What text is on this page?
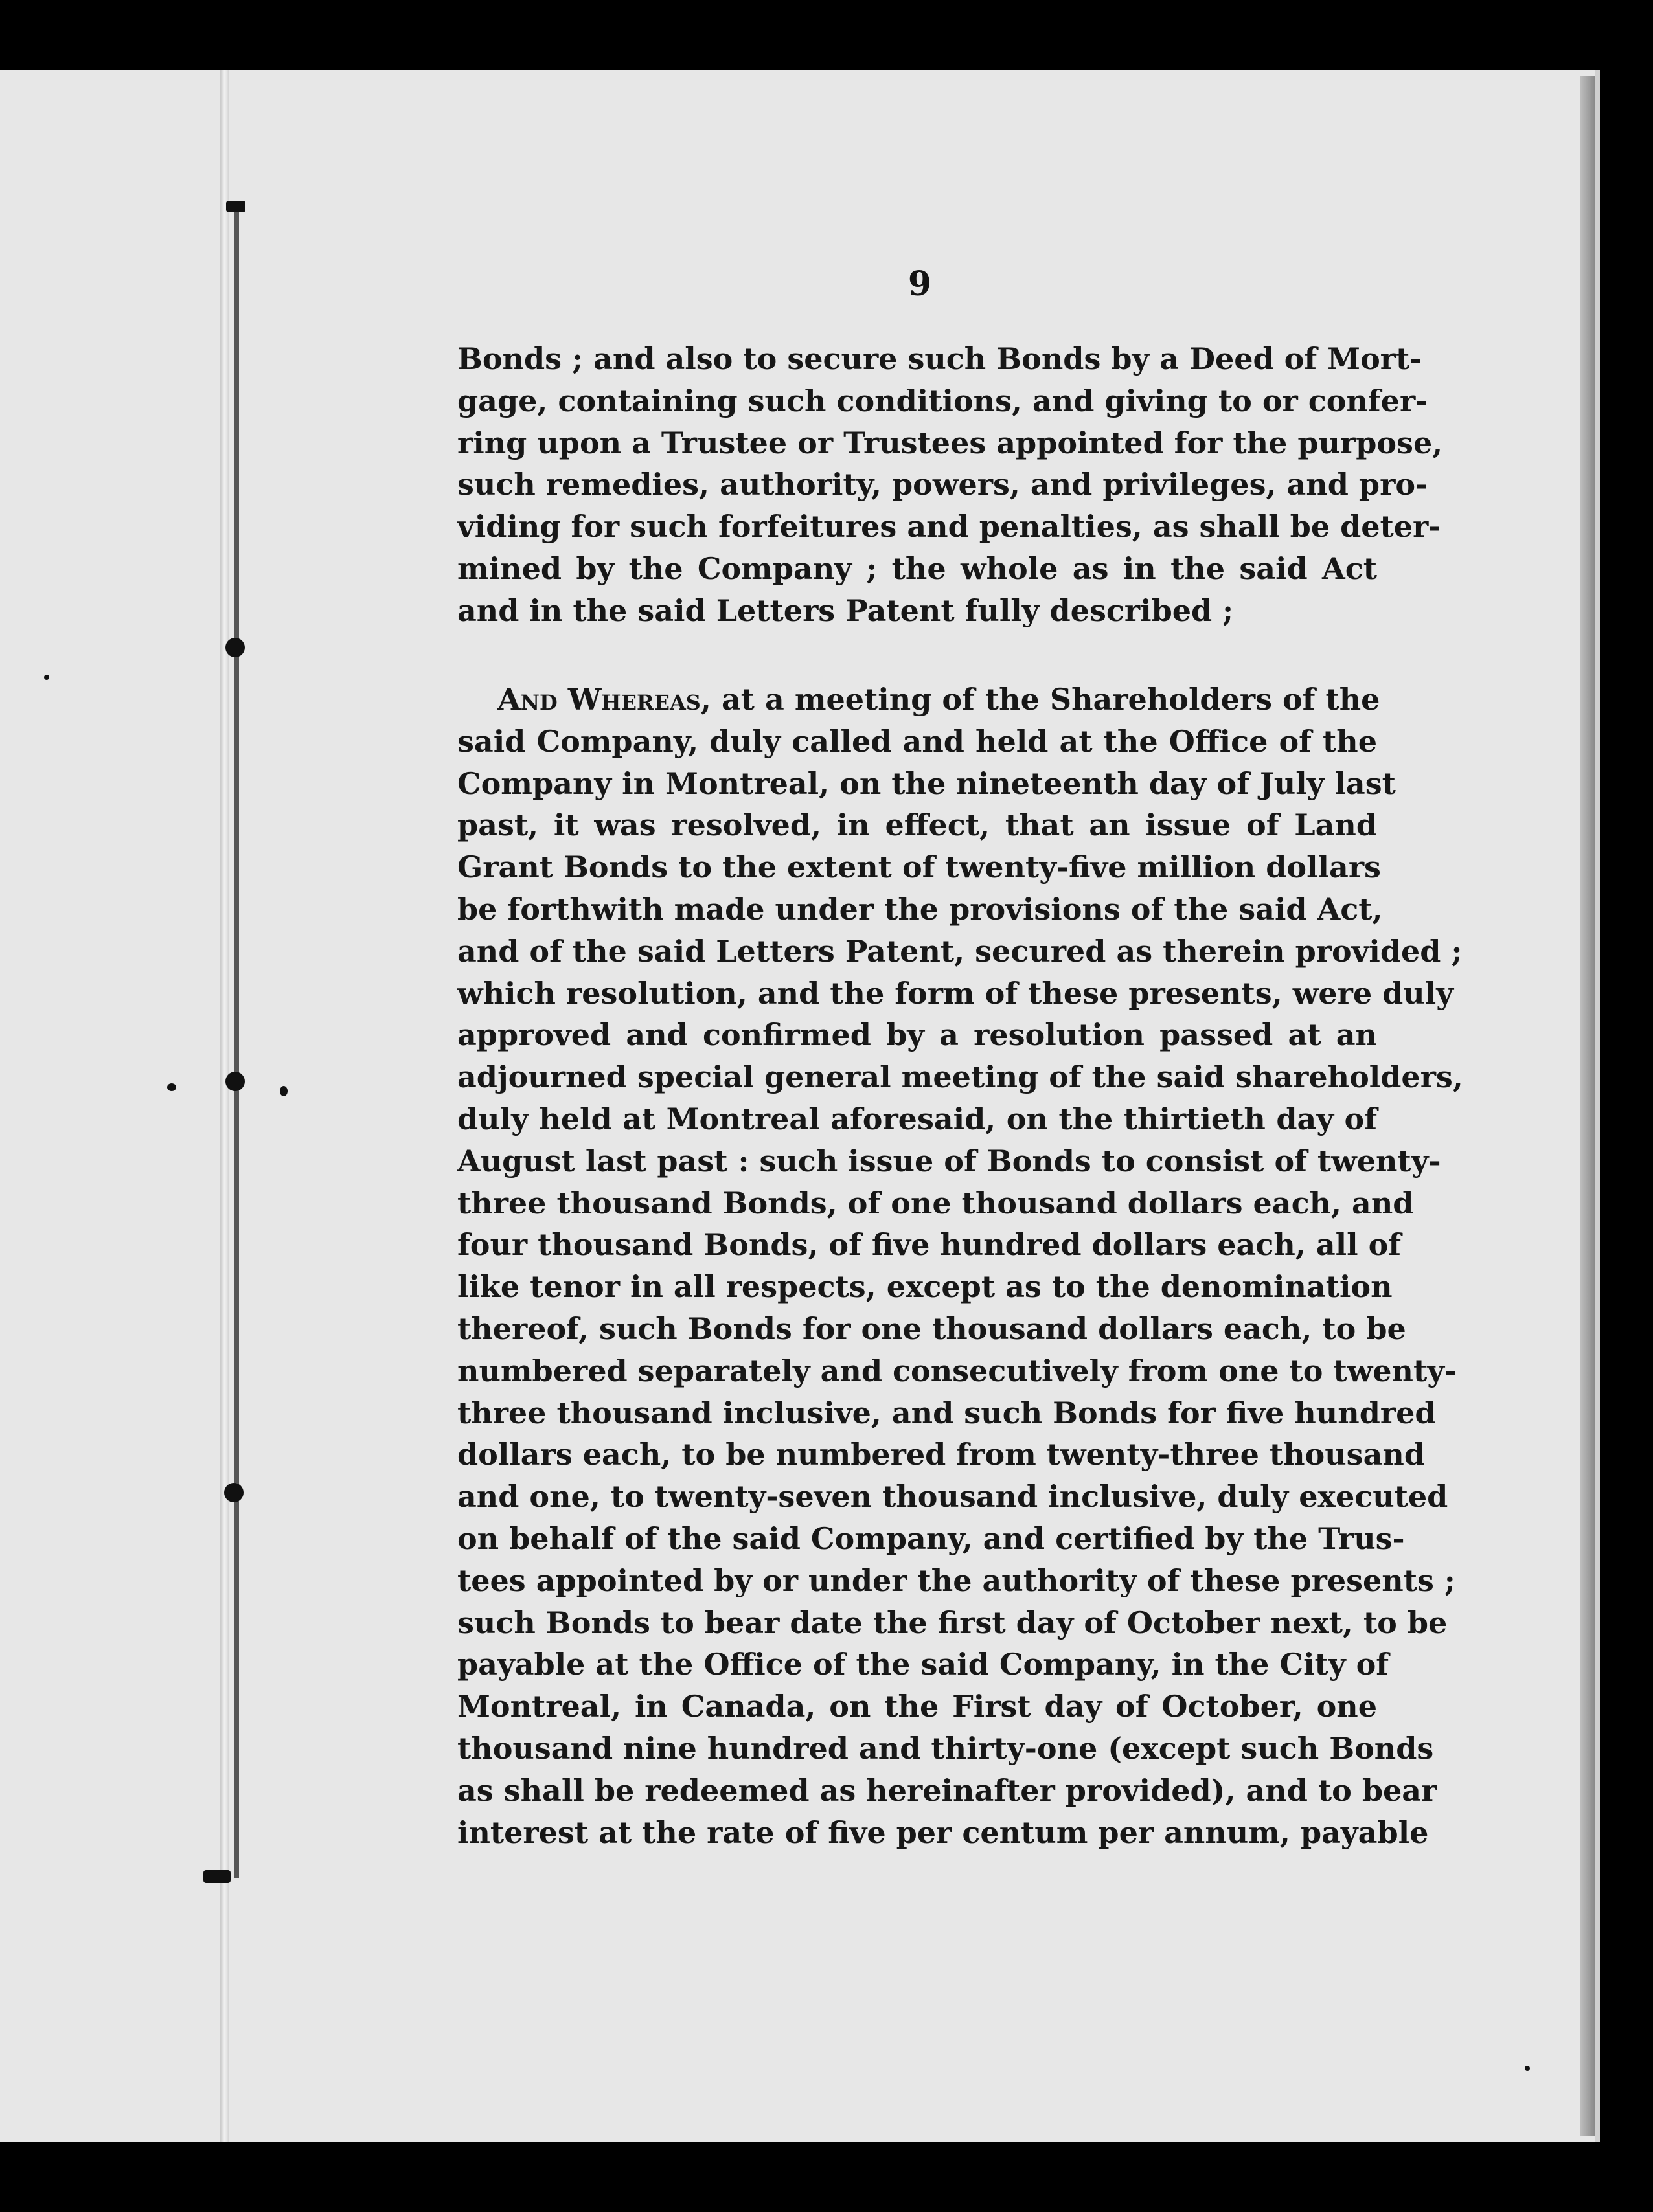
9
Bonds ; and also to secure such Bonds by a Deed of Mort-
gage, containing such conditions, and giving to or confer-
ring upon a Trustee or Trustees appointed for the purpose,
such remedies, authority, powers, and privileges, and pro-
viding for such forfeitures and penalties, as shall be deter-
mined by the Company ; the whole as in the said Act
and in the said Letters Patent fully described ;
And Whereas, at a meeting of the Shareholders of the
said Company, duly called and held at the Office of the
Company in Montreal, on the nineteenth day of July last
past, it was resolved, in effect, that an issue of Land
Grant Bonds to the extent of twenty-five million dollars
be forthwith made under the provisions of the said Act,
and of the said Letters Patent, secured as therein provided ;
which resolution, and the form of these presents, were duly
approved and confirmed by a resolution passed at an
adjourned special general meeting of the said shareholders,
duly held at Montreal aforesaid, on the thirtieth day of
August last past : such issue of Bonds to consist of twenty-
three thousand Bonds, of one thousand dollars each, and
four thousand Bonds, of five hundred dollars each, all of
like tenor in all respects, except as to the denomination
thereof, such Bonds for one thousand dollars each, to be
numbered separately and consecutively from one to twenty-
three thousand inclusive, and such Bonds for five hundred
dollars each, to be numbered from twenty-three thousand
and one, to twenty-seven thousand inclusive, duly executed
on behalf of the said Company, and certified by the Trus-
tees appointed by or under the authority of these presents ;
such Bonds to bear date the first day of October next, to be
payable at the Office of the said Company, in the City of
Montreal, in Canada, on the First day of October, one
thousand nine hundred and thirty-one (except such Bonds
as shall be redeemed as hereinafter provided), and to bear
interest at the rate of five per centum per annum, payable
